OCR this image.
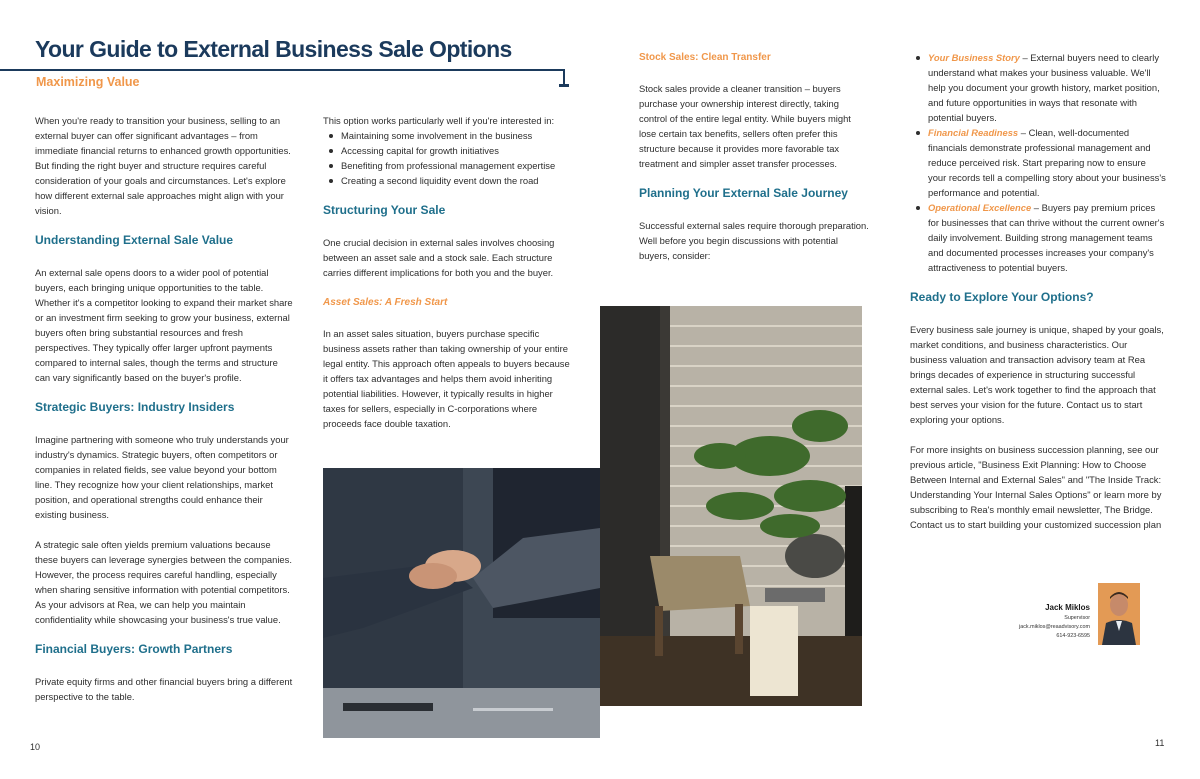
Your Guide to External Business Sale Options
Maximizing Value

When you're ready to transition your business, selling to an external buyer can offer significant advantages – from immediate financial returns to enhanced growth opportunities. But finding the right buyer and structure requires careful consideration of your goals and circumstances. Let's explore how different external sale approaches might align with your vision.

Understanding External Sale Value

An external sale opens doors to a wider pool of potential buyers, each bringing unique opportunities to the table. Whether it's a competitor looking to expand their market share or an investment firm seeking to grow your business, external buyers often bring substantial resources and fresh perspectives. They typically offer larger upfront payments compared to internal sales, though the terms and structure can vary significantly based on the buyer's profile.

Strategic Buyers: Industry Insiders

Imagine partnering with someone who truly understands your industry's dynamics. Strategic buyers, often competitors or companies in related fields, see value beyond your bottom line. They recognize how your client relationships, market position, and operational strengths could enhance their existing business.

A strategic sale often yields premium valuations because these buyers can leverage synergies between the companies. However, the process requires careful handling, especially when sharing sensitive information with potential competitors. As your advisors at Rea, we can help you maintain confidentiality while showcasing your business's true value.

Financial Buyers: Growth Partners

Private equity firms and other financial buyers bring a different perspective to the table.

This option works particularly well if you're interested in:

Maintaining some involvement in the business
Accessing capital for growth initiatives
Benefiting from professional management expertise
Creating a second liquidity event down the road
Structuring Your Sale

One crucial decision in external sales involves choosing between an asset sale and a stock sale. Each structure carries different implications for both you and the buyer.

Asset Sales: A Fresh Start

In an asset sales situation, buyers purchase specific business assets rather than taking ownership of your entire legal entity. This approach often appeals to buyers because it offers tax advantages and helps them avoid inheriting potential liabilities. However, it typically results in higher taxes for sellers, especially in C-corporations where proceeds face double taxation.

Stock Sales: Clean Transfer

Stock sales provide a cleaner transition – buyers purchase your ownership interest directly, taking control of the entire legal entity. While buyers might lose certain tax benefits, sellers often prefer this structure because it provides more favorable tax treatment and simpler asset transfer processes.

Planning Your External Sale Journey

Successful external sales require thorough preparation. Well before you begin discussions with potential buyers, consider:

Your Business Story – External buyers need to clearly understand what makes your business valuable. We'll help you document your growth history, market position, and future opportunities in ways that resonate with potential buyers.
Financial Readiness – Clean, well-documented financials demonstrate professional management and reduce perceived risk. Start preparing now to ensure your records tell a compelling story about your business's performance and potential.
Operational Excellence – Buyers pay premium prices for businesses that can thrive without the current owner's daily involvement. Building strong management teams and documented processes increases your company's attractiveness to potential buyers.
Ready to Explore Your Options?

Every business sale journey is unique, shaped by your goals, market conditions, and business characteristics. Our business valuation and transaction advisory team at Rea brings decades of experience in structuring successful external sales. Let's work together to find the approach that best serves your vision for the future. Contact us to start exploring your options.

For more insights on business succession planning, see our previous article, "Business Exit Planning: How to Choose Between Internal and External Sales" and "The Inside Track: Understanding Your Internal Sales Options" or learn more by subscribing to Rea's monthly email newsletter, The Bridge. Contact us to start building your customized succession plan

Jack Miklos
Supervisor
jack.miklos@reaadvisory.com
614-923-6595
10	11
